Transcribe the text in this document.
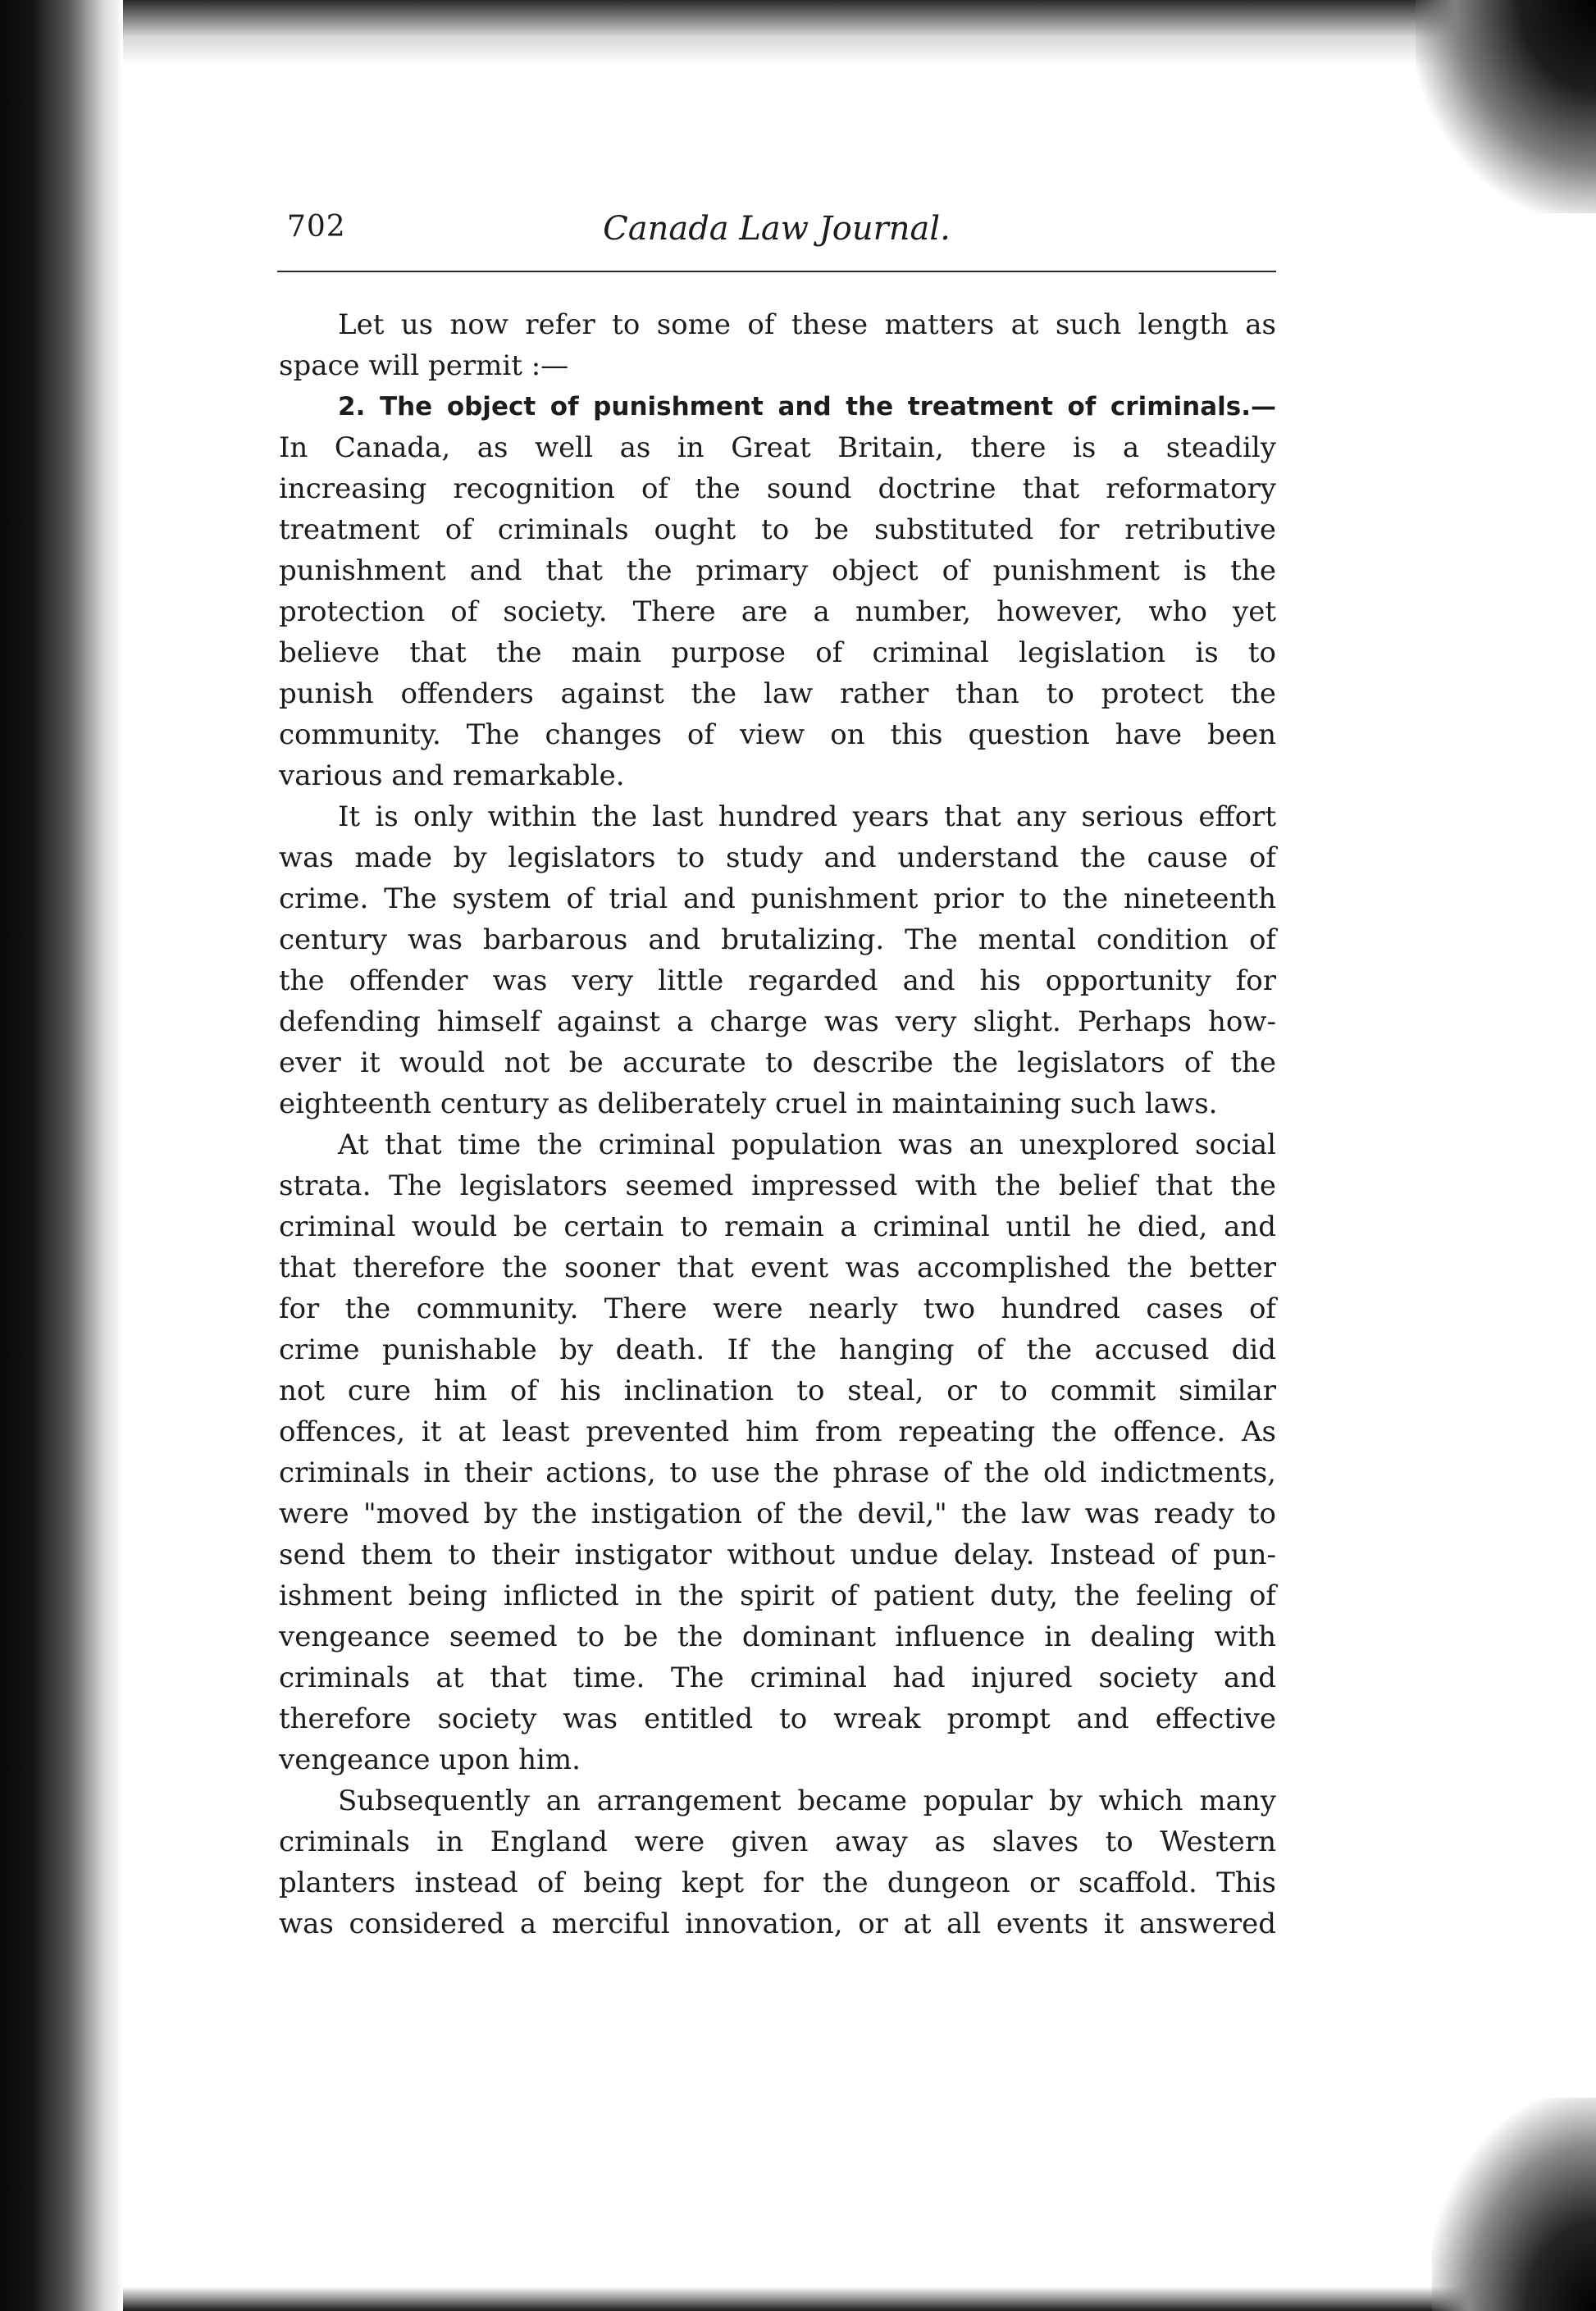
702	Canada Law Journal.
Let us now refer to some of these matters at such length as
space will permit :—
2. The object of punishment and the treatment of criminals.—
In Canada, as well as in Great Britain, there is a steadily
increasing recognition of the sound doctrine that reformatory
treatment of criminals ought to be substituted for retributive
punishment and that the primary object of punishment is the
protection of society. There are a number, however, who yet
believe that the main purpose of criminal legislation is to
punish offenders against the law rather than to protect the
community. The changes of view on this question have been
various and remarkable.
It is only within the last hundred years that any serious effort
was made by legislators to study and understand the cause of
crime. The system of trial and punishment prior to the nineteenth
century was barbarous and brutalizing. The mental condition of
the offender was very little regarded and his opportunity for
defending himself against a charge was very slight. Perhaps how-
ever it would not be accurate to describe the legislators of the
eighteenth century as deliberately cruel in maintaining such laws.
At that time the criminal population was an unexplored social
strata. The legislators seemed impressed with the belief that the
criminal would be certain to remain a criminal until he died, and
that therefore the sooner that event was accomplished the better
for the community. There were nearly two hundred cases of
crime punishable by death. If the hanging of the accused did
not cure him of his inclination to steal, or to commit similar
offences, it at least prevented him from repeating the offence. As
criminals in their actions, to use the phrase of the old indictments,
were "moved by the instigation of the devil," the law was ready to
send them to their instigator without undue delay. Instead of pun-
ishment being inflicted in the spirit of patient duty, the feeling of
vengeance seemed to be the dominant influence in dealing with
criminals at that time. The criminal had injured society and
therefore society was entitled to wreak prompt and effective
vengeance upon him.
Subsequently an arrangement became popular by which many
criminals in England were given away as slaves to Western
planters instead of being kept for the dungeon or scaffold. This
was considered a merciful innovation, or at all events it answered
